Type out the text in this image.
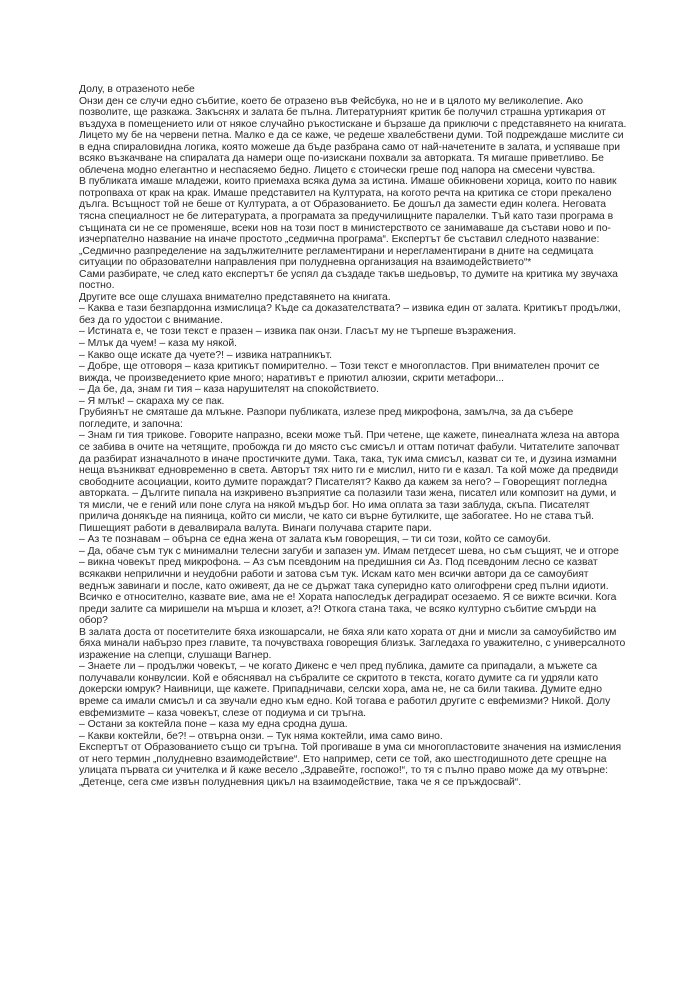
Долу, в отразеното небе

Онзи ден се случи едно събитие, което бе отразено във Фейсбука, но не и в цялото му великолепие. Ако позволите, ще разкажа. Закъснях и залата бе пълна. Литературният критик бе получил страшна уртикария от въздуха в помещението или от някое случайно ръкостискане и бързаше да приключи с представянето на книгата. Лицето му бе на червени петна. Малко е да се каже, че редеше хвалебствени думи. Той подреждаше мислите си в една спираловидна логика, която можеше да бъде разбрана само от най-начетените в залата, и успяваше при всяко възкачване на спиралата да намери още по-изискани похвали за авторката. Тя мигаше приветливо. Бе облечена модно елегантно и неспасяемо бедно. Лицето є стоически греше под напора на смесени чувства.

В публиката имаше младежи, които приемаха всяка дума за истина. Имаше обикновени хорица, които по навик потропваха от крак на крак. Имаше представител на Културата, на когото речта на критика се стори прекалено дълга. Всъщност той не беше от Културата, а от Образованието. Бе дошъл да замести един колега. Неговата тясна специалност не бе литературата, а програмата за предучилищните паралелки. Тъй като тази програма в същината си не се променяше, всеки нов на този пост в министерството се занимаваше да състави ново и по-изчерпателно название на иначе простото „седмична програма“. Експертът бе съставил следното название: „Седмично разпределение на задължителните регламентирани и нерегламентирани в дните на седмицата ситуации по образователни направления при полудневна организация на взаимодействието“*

Сами разбирате, че след като експертът бе успял да създаде такъв шедьовър, то думите на критика му звучаха постно.

Другите все още слушаха внимателно представянето на книгата.

– Каква е тази безпардонна измислица? Къде са доказателствата? – извика един от залата. Критикът продължи, без да го удостои с внимание.

– Истината е, че този текст е празен – извика пак онзи. Гласът му не търпеше възражения.

– Млък да чуем! – каза му някой.

– Какво още искате да чуете?! – извика натрапникът.

– Добре, ще отговоря – каза критикът помирително. – Този текст е многопластов. При внимателен прочит се вижда, че произведението крие много; наративът е приютил алюзии, скрити метафори...

– Да бе, да, знам ги тия – каза нарушителят на спокойствието.

– Я млък! – скараха му се пак.

Грубиянът не смяташе да млъкне. Разпори публиката, излезе пред микрофона, замълча, за да събере погледите, и започна:

– Знам ги тия трикове. Говорите напразно, всеки може тъй. При четене, ще кажете, пинеалната жлеза на автора се забива в очите на четящите, пробожда ги до място със смисъл и оттам потичат фабули. Читателите започват да разбират изначалното в иначе простичките думи. Така, така, тук има смисъл, казват си те, и дузина измамни неща възникват едновременно в света. Авторът тях нито ги е мислил, нито ги е казал. Та кой може да предвиди свободните асоциации, които думите пораждат? Писателят? Какво да кажем за него? – Говорещият погледна авторката. – Дългите пипала на изкривено възприятие са полазили тази жена, писател или композит на думи, и тя мисли, че е гений или поне слуга на някой мъдър бог. Но има оплата за тази заблуда, скъпа. Писателят прилича донякъде на пияница, който си мисли, че като си върне бутилките, ще забогатее. Но не става тъй. Пишещият работи в девалвирала валута. Винаги получава старите пари.

– Аз те познавам – обърна се една жена от залата към говорещия, – ти си този, който се самоуби.

– Да, обаче съм тук с минимални телесни загуби и запазен ум. Имам петдесет шева, но съм същият, че и отгоре – викна човекът пред микрофона. – Аз съм псевдоним на предишния си Аз. Под псевдоним лесно се казват всякакви неприлични и неудобни работи и затова съм тук. Искам като мен всички автори да се самоубият веднъж завинаги и после, като оживеят, да не се държат така суперидно като олигофрени сред пълни идиоти. Всичко е относително, казвате вие, ама не е! Хората напоследък деградират осезаемо. Я се вижте всички. Кога преди залите са миришели на мърша и клозет, а?! Откога стана така, че всяко културно събитие смърди на обор?

В залата доста от посетителите бяха изкошарсали, не бяха яли като хората от дни и мисли за самоубийство им бяха минали набързо през главите, та почувстваха говорещия близък. Загледаха го уважително, с универсалното изражение на слепци, слушащи Вагнер.

– Знаете ли – продължи човекът, – че когато Дикенс е чел пред публика, дамите са припадали, а мъжете са получавали конвулсии. Кой е обяснявал на събралите се скритото в текста, когато думите са ги удряли като докерски юмрук? Наивници, ще кажете. Припадничави, селски хора, ама не, не са били такива. Думите едно време са имали смисъл и са звучали едно към едно. Кой тогава е работил другите с евфемизми? Никой. Долу евфемизмите – каза човекът, слезе от подиума и си тръгна.

– Остани за коктейла поне – каза му една сродна душа.

– Какви коктейли, бе?! – отвърна онзи. – Тук няма коктейли, има само вино.

Експертът от Образованието също си тръгна. Той прогиваше в ума си многопластовите значения на измисления от него термин „полудневно взаимодействие“. Ето например, сети се той, ако шестгодишното дете срещне на улицата първата си учителка и й каже весело „Здравейте, госпожо!“, то тя с пълно право може да му отвърне: „Детенце, сега сме извън полудневния цикъл на взаимодействие, така че я се пръждосвай“.
